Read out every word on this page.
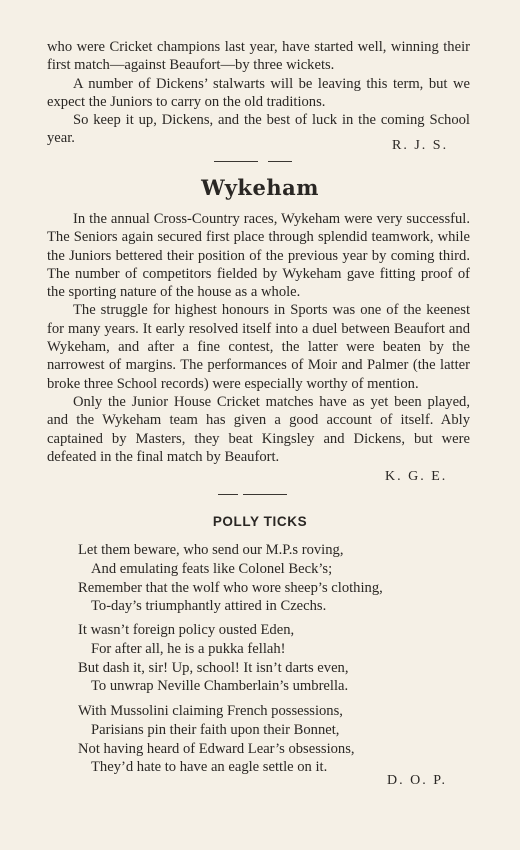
who were Cricket champions last year, have started well, winning their first match—against Beaufort—by three wickets.

A number of Dickens’ stalwarts will be leaving this term, but we expect the Juniors to carry on the old traditions.

So keep it up, Dickens, and the best of luck in the coming School year.	R. J. S.
Wykeham

In the annual Cross-Country races, Wykeham were very successful. The Seniors again secured first place through splendid teamwork, while the Juniors bettered their position of the previous year by coming third. The number of competitors fielded by Wykeham gave fitting proof of the sporting nature of the house as a whole.

The struggle for highest honours in Sports was one of the keenest for many years. It early resolved itself into a duel between Beaufort and Wykeham, and after a fine contest, the latter were beaten by the narrowest of margins. The performances of Moir and Palmer (the latter broke three School records) were especially worthy of mention.

Only the Junior House Cricket matches have as yet been played, and the Wykeham team has given a good account of itself. Ably captained by Masters, they beat Kingsley and Dickens, but were defeated in the final match by Beaufort.

K. G. E.
POLLY TICKS
Let them beware, who send our M.P.s roving,
And emulating feats like Colonel Beck’s;
Remember that the wolf who wore sheep’s clothing,
To-day’s triumphantly attired in Czechs.
It wasn’t foreign policy ousted Eden,
For after all, he is a pukka fellah!
But dash it, sir! Up, school! It isn’t darts even,
To unwrap Neville Chamberlain’s umbrella.
With Mussolini claiming French possessions,
Parisians pin their faith upon their Bonnet,
Not having heard of Edward Lear’s obsessions,
They’d hate to have an eagle settle on it.
D. O. P.
